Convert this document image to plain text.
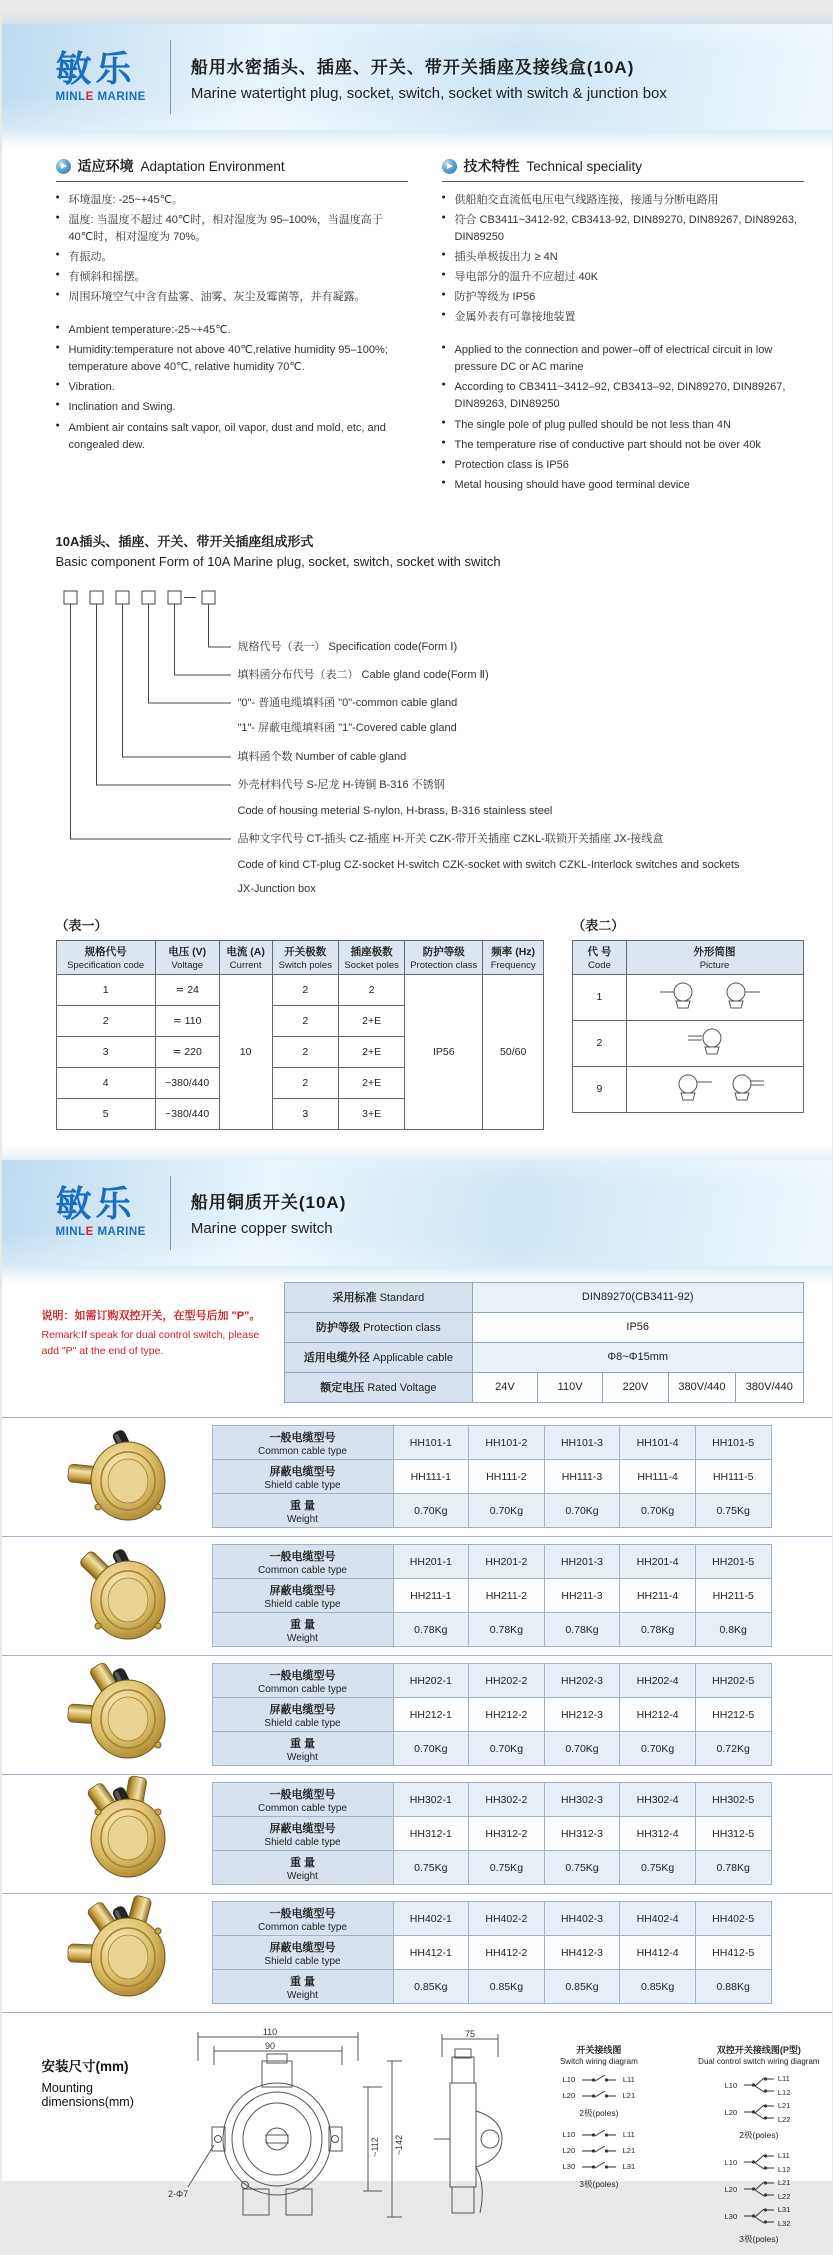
敏乐
MINLE MARINE
船用水密插头、插座、开关、带开关插座及接线盒(10A)
Marine watertight plug, socket, switch, socket with switch & junction box
适应环境 Adaptation Environment
● 环境温度: -25~+45℃。
● 温度: 当温度不超过 40℃时，相对湿度为 95–100%，当温度高于 40℃时，相对湿度为 70%。
● 有振动。
● 有倾斜和摇摆。
● 周围环境空气中含有盐雾、油雾、灰尘及霉菌等，并有凝露。
● Ambient temperature:-25~+45℃.
● Humidity:temperature not above 40℃,relative humidity 95–100%; temperature above 40℃, relative humidity 70℃.
● Vibration.
● Inclination and Swing.
● Ambient air contains salt vapor, oil vapor, dust and mold, etc, and congealed dew.
技术特性 Technical speciality
● 供船舶交直流低电压电气线路连接，接通与分断电路用
● 符合 CB3411~3412-92, CB3413-92, DIN89270, DIN89267, DIN89263, DIN89250
● 插头单极拔出力 ≥ 4N
● 导电部分的温升不应超过 40K
● 防护等级为 IP56
● 金属外表有可靠接地装置
● Applied to the connection and power–off of electrical circuit in low pressure DC or AC marine
● According to CB3411~3412–92, CB3413–92, DIN89270, DIN89267, DIN89263, DIN89250
● The single pole of plug pulled should be not less than 4N
● The temperature rise of conductive part should not be over 40k
● Protection class is IP56
● Metal housing should have good terminal device
10A插头、插座、开关、带开关插座组成形式
Basic component Form of 10A Marine plug, socket, switch, socket with switch
规格代号（表一） Specification code(Form Ⅰ)
填料函分布代号（表二） Cable gland code(Form Ⅱ)
"0"- 普通电缆填料函 "0"-common cable gland
"1"- 屏蔽电缆填料函 "1"-Covered cable gland
填料函个数 Number of cable gland
外壳材料代号 S-尼龙 H-铸铜 B-316 不锈钢
Code of housing meterial S-nylon, H-brass, B-316 stainless steel
品种文字代号 CT-插头 CZ-插座 H-开关 CZK-带开关插座 CZKL-联锁开关插座 JX-接线盒
Code of kind CT-plug CZ-socket H-switch CZK-socket with switch CZKL-Interlock switches and sockets
JX-Junction box
（表一）
规格代号
Specification code

电压 (V)
Voltage

电流 (A)
Current

开关极数
Switch poles

插座极数
Socket poles

防护等级
Protection class

频率 (Hz)
Frequency

1	≂ 24	10	2	2	IP56	50/60
2	≂ 110		2	2+E		
3	≂ 220		2	2+E		
4	~380/440		2	2+E		
5	~380/440		3	3+E		
（表二）
代 号
Code

外形简图
Picture

1	
2	
9	
敏乐
MINLE MARINE
船用铜质开关(10A)
Marine copper switch
说明：如需订购双控开关，在型号后加 "P"。
Remark:If speak for dual control switch, please add "P" at the end of type.
采用标准 Standard	DIN89270(CB3411-92)				
防护等级 Protection class	IP56				
适用电缆外径 Applicable cable	Φ8~Φ15mm				
额定电压 Rated Voltage	24V	110V	220V	380V/440	380V/440
一般电缆型号
Common cable type	HH101-1	HH101-2	HH101-3	HH101-4	HH101-5

屏蔽电缆型号
Shield cable type	HH111-1	HH111-2	HH111-3	HH111-4	HH111-5

重 量
Weight	0.70Kg	0.70Kg	0.70Kg	0.70Kg	0.75Kg
一般电缆型号
Common cable type	HH201-1	HH201-2	HH201-3	HH201-4	HH201-5

屏蔽电缆型号
Shield cable type	HH211-1	HH211-2	HH211-3	HH211-4	HH211-5

重 量
Weight	0.78Kg	0.78Kg	0.78Kg	0.78Kg	0.8Kg
一般电缆型号
Common cable type	HH202-1	HH202-2	HH202-3	HH202-4	HH202-5

屏蔽电缆型号
Shield cable type	HH212-1	HH212-2	HH212-3	HH212-4	HH212-5

重 量
Weight	0.70Kg	0.70Kg	0.70Kg	0.70Kg	0.72Kg
一般电缆型号
Common cable type	HH302-1	HH302-2	HH302-3	HH302-4	HH302-5

屏蔽电缆型号
Shield cable type	HH312-1	HH312-2	HH312-3	HH312-4	HH312-5

重 量
Weight	0.75Kg	0.75Kg	0.75Kg	0.75Kg	0.78Kg
一般电缆型号
Common cable type	HH402-1	HH402-2	HH402-3	HH402-4	HH402-5

屏蔽电缆型号
Shield cable type	HH412-1	HH412-2	HH412-3	HH412-4	HH412-5

重 量
Weight	0.85Kg	0.85Kg	0.85Kg	0.85Kg	0.88Kg
安装尺寸(mm)
Mounting dimensions(mm)
110
90
~112 ~142
2-Φ7
75
开关接线图
Switch wiring diagram
L10	L11
L20	L21
2极(poles)
L10	L11
L20	L21
L30	L31
3极(poles)
双控开关接线图(P型)
Dual control switch wiring diagram
L10
L11
L12
L20
L21
L22
2极(poles)
L10
L11
L12
L20
L21
L22
L30
L31
L32
3极(poles)
